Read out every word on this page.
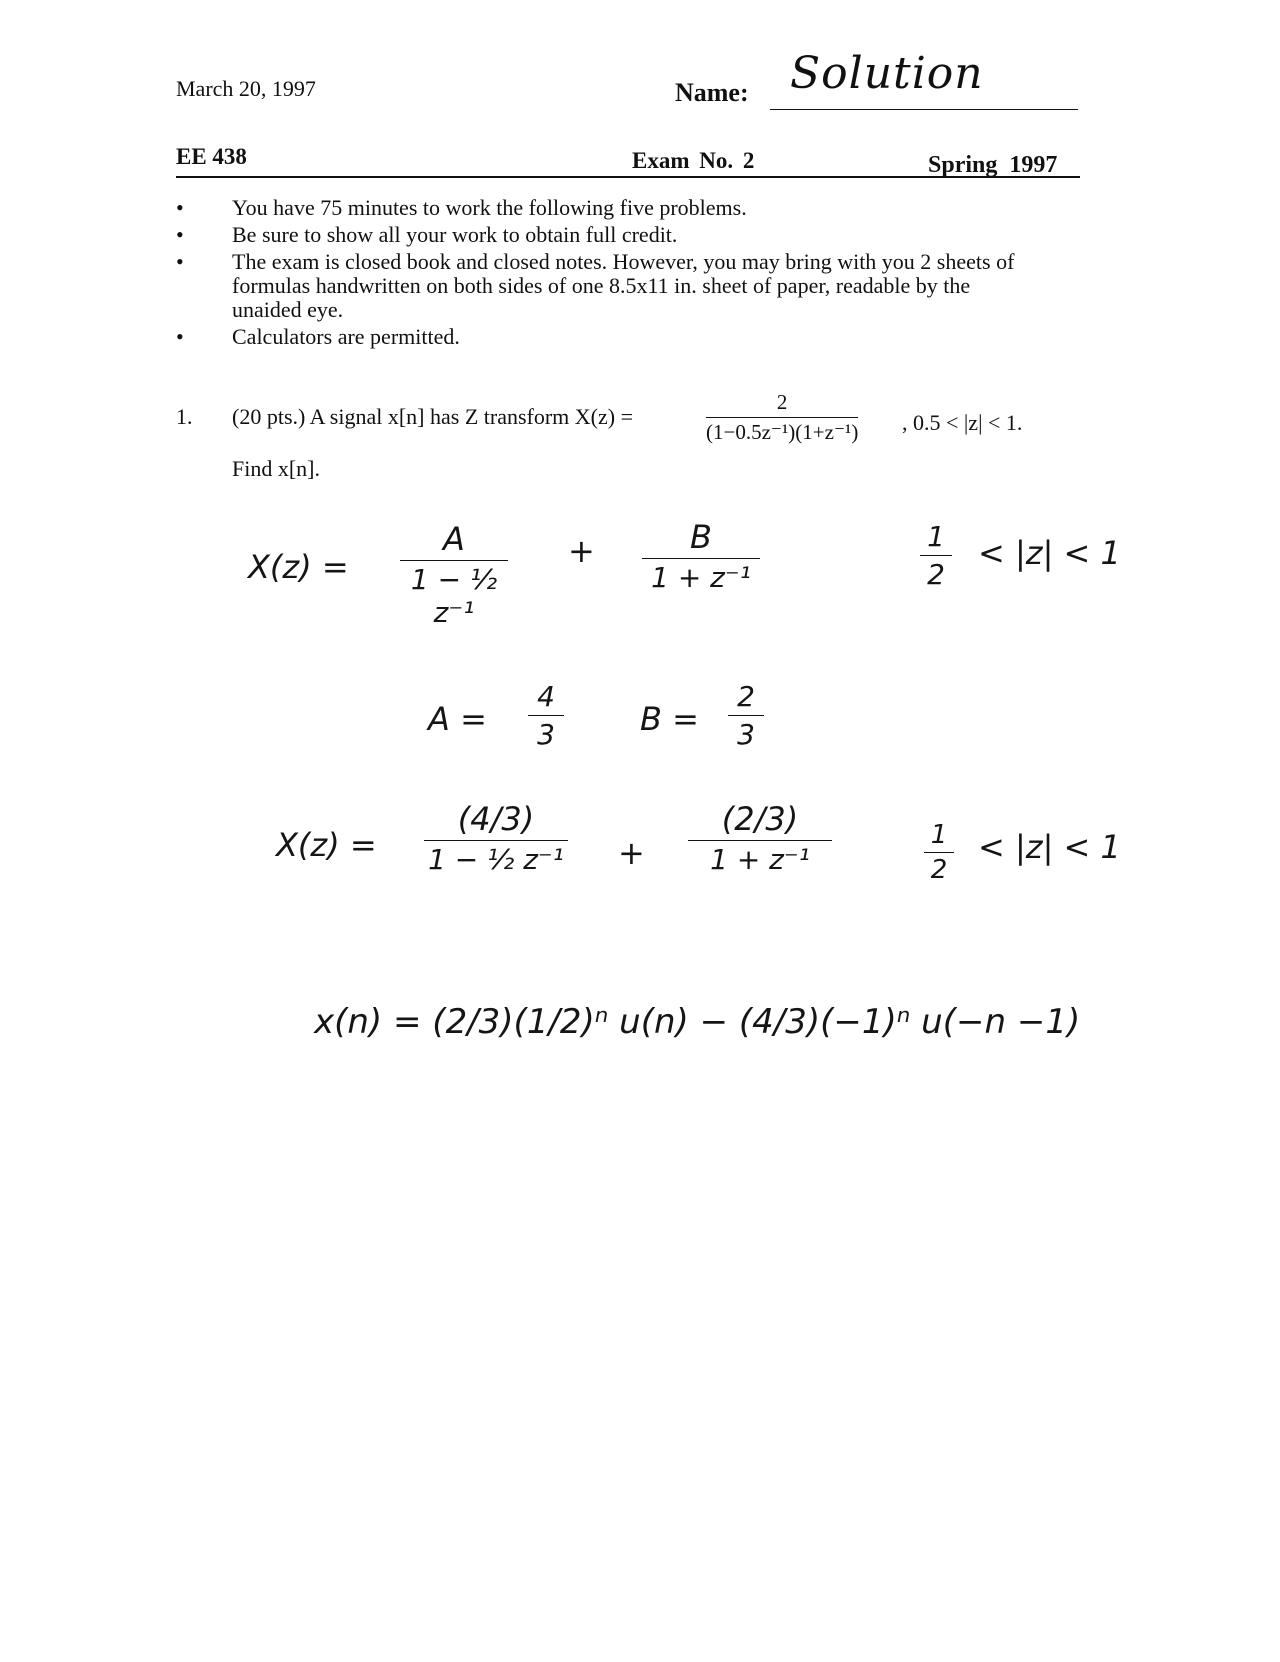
March 20, 1997	Name: Solution
EE 438	Exam No. 2	Spring 1997
• You have 75 minutes to work the following five problems.
• Be sure to show all your work to obtain full credit.
• The exam is closed book and closed notes. However, you may bring with you 2 sheets of formulas handwritten on both sides of one 8.5x11 in. sheet of paper, readable by the unaided eye.
• Calculators are permitted.
1. (20 pts.) A signal x[n] has Z transform X(z) =	$\frac{2}{\text{(1−0.5z⁻¹)(1+z⁻¹)}}$ , 0.5 < |z| < 1.
Find x[n].
$X(z) = \frac{A}{\text{1 − ½ z⁻¹}} + \frac{B}{\text{1 + z⁻¹}}$	$\frac{1}{2} < |z| < 1$
$A = \frac{4}{3}$ $B = \frac{2}{3}$
$X(z) = \frac{(4/3)}{\text{1 − ½ z⁻¹}} + \frac{(2/3)}{\text{1 + z⁻¹}}$	$\frac{1}{2} < |z| < 1$
x(n) = (2/3)(1/2)ⁿ u(n) − (4/3)(−1)ⁿ u(−n −1)
